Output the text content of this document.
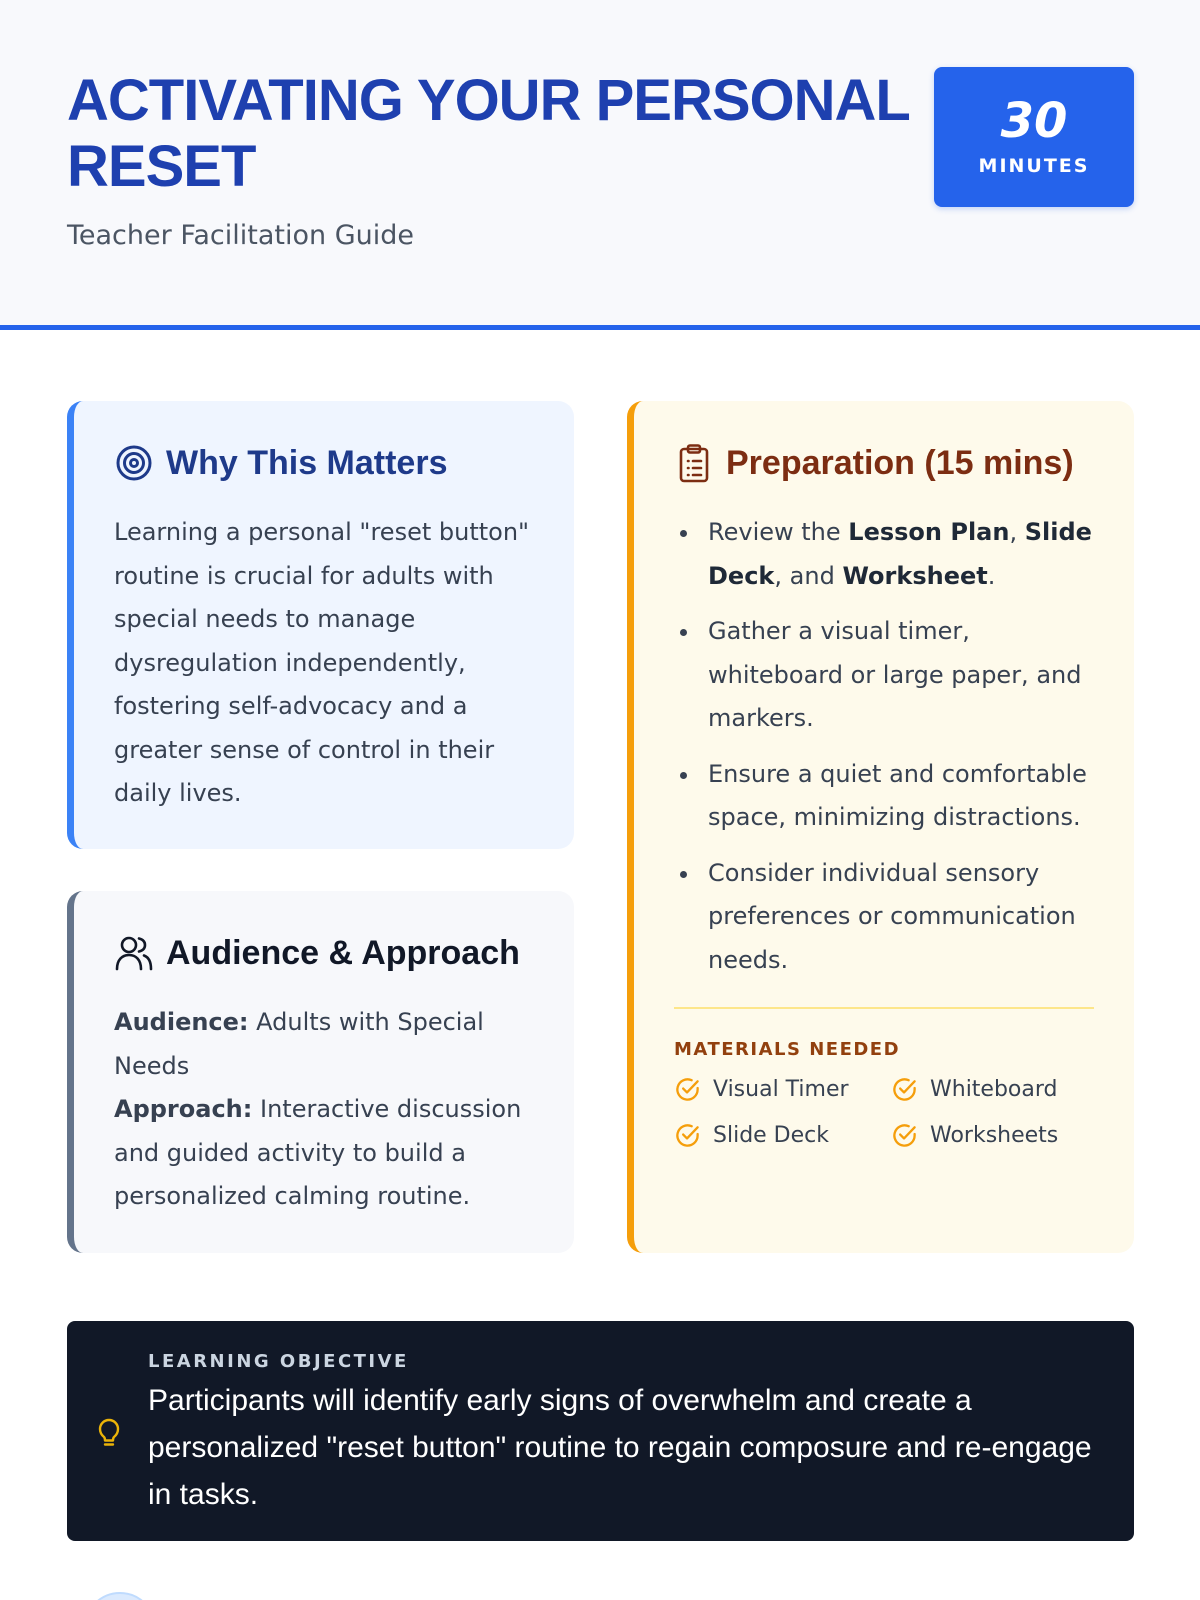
ACTIVATING YOUR PERSONAL RESET
Teacher Facilitation Guide
30
MINUTES
Why This Matters

Learning a personal "reset button" routine is crucial for adults with special needs to manage dysregulation independently, fostering self-advocacy and a greater sense of control in their daily lives.

Audience & Approach
Audience: Adults with Special Needs
Approach: Interactive discussion and guided activity to build a personalized calming routine.
Preparation (15 mins)
Review the Lesson Plan, Slide Deck, and Worksheet.
Gather a visual timer, whiteboard or large paper, and markers.
Ensure a quiet and comfortable space, minimizing distractions.
Consider individual sensory preferences or communication needs.
MATERIALS NEEDED
Visual Timer	Whiteboard
Slide Deck	Worksheets
LEARNING OBJECTIVE

Participants will identify early signs of overwhelm and create a personalized "reset button" routine to regain composure and re-engage in tasks.
